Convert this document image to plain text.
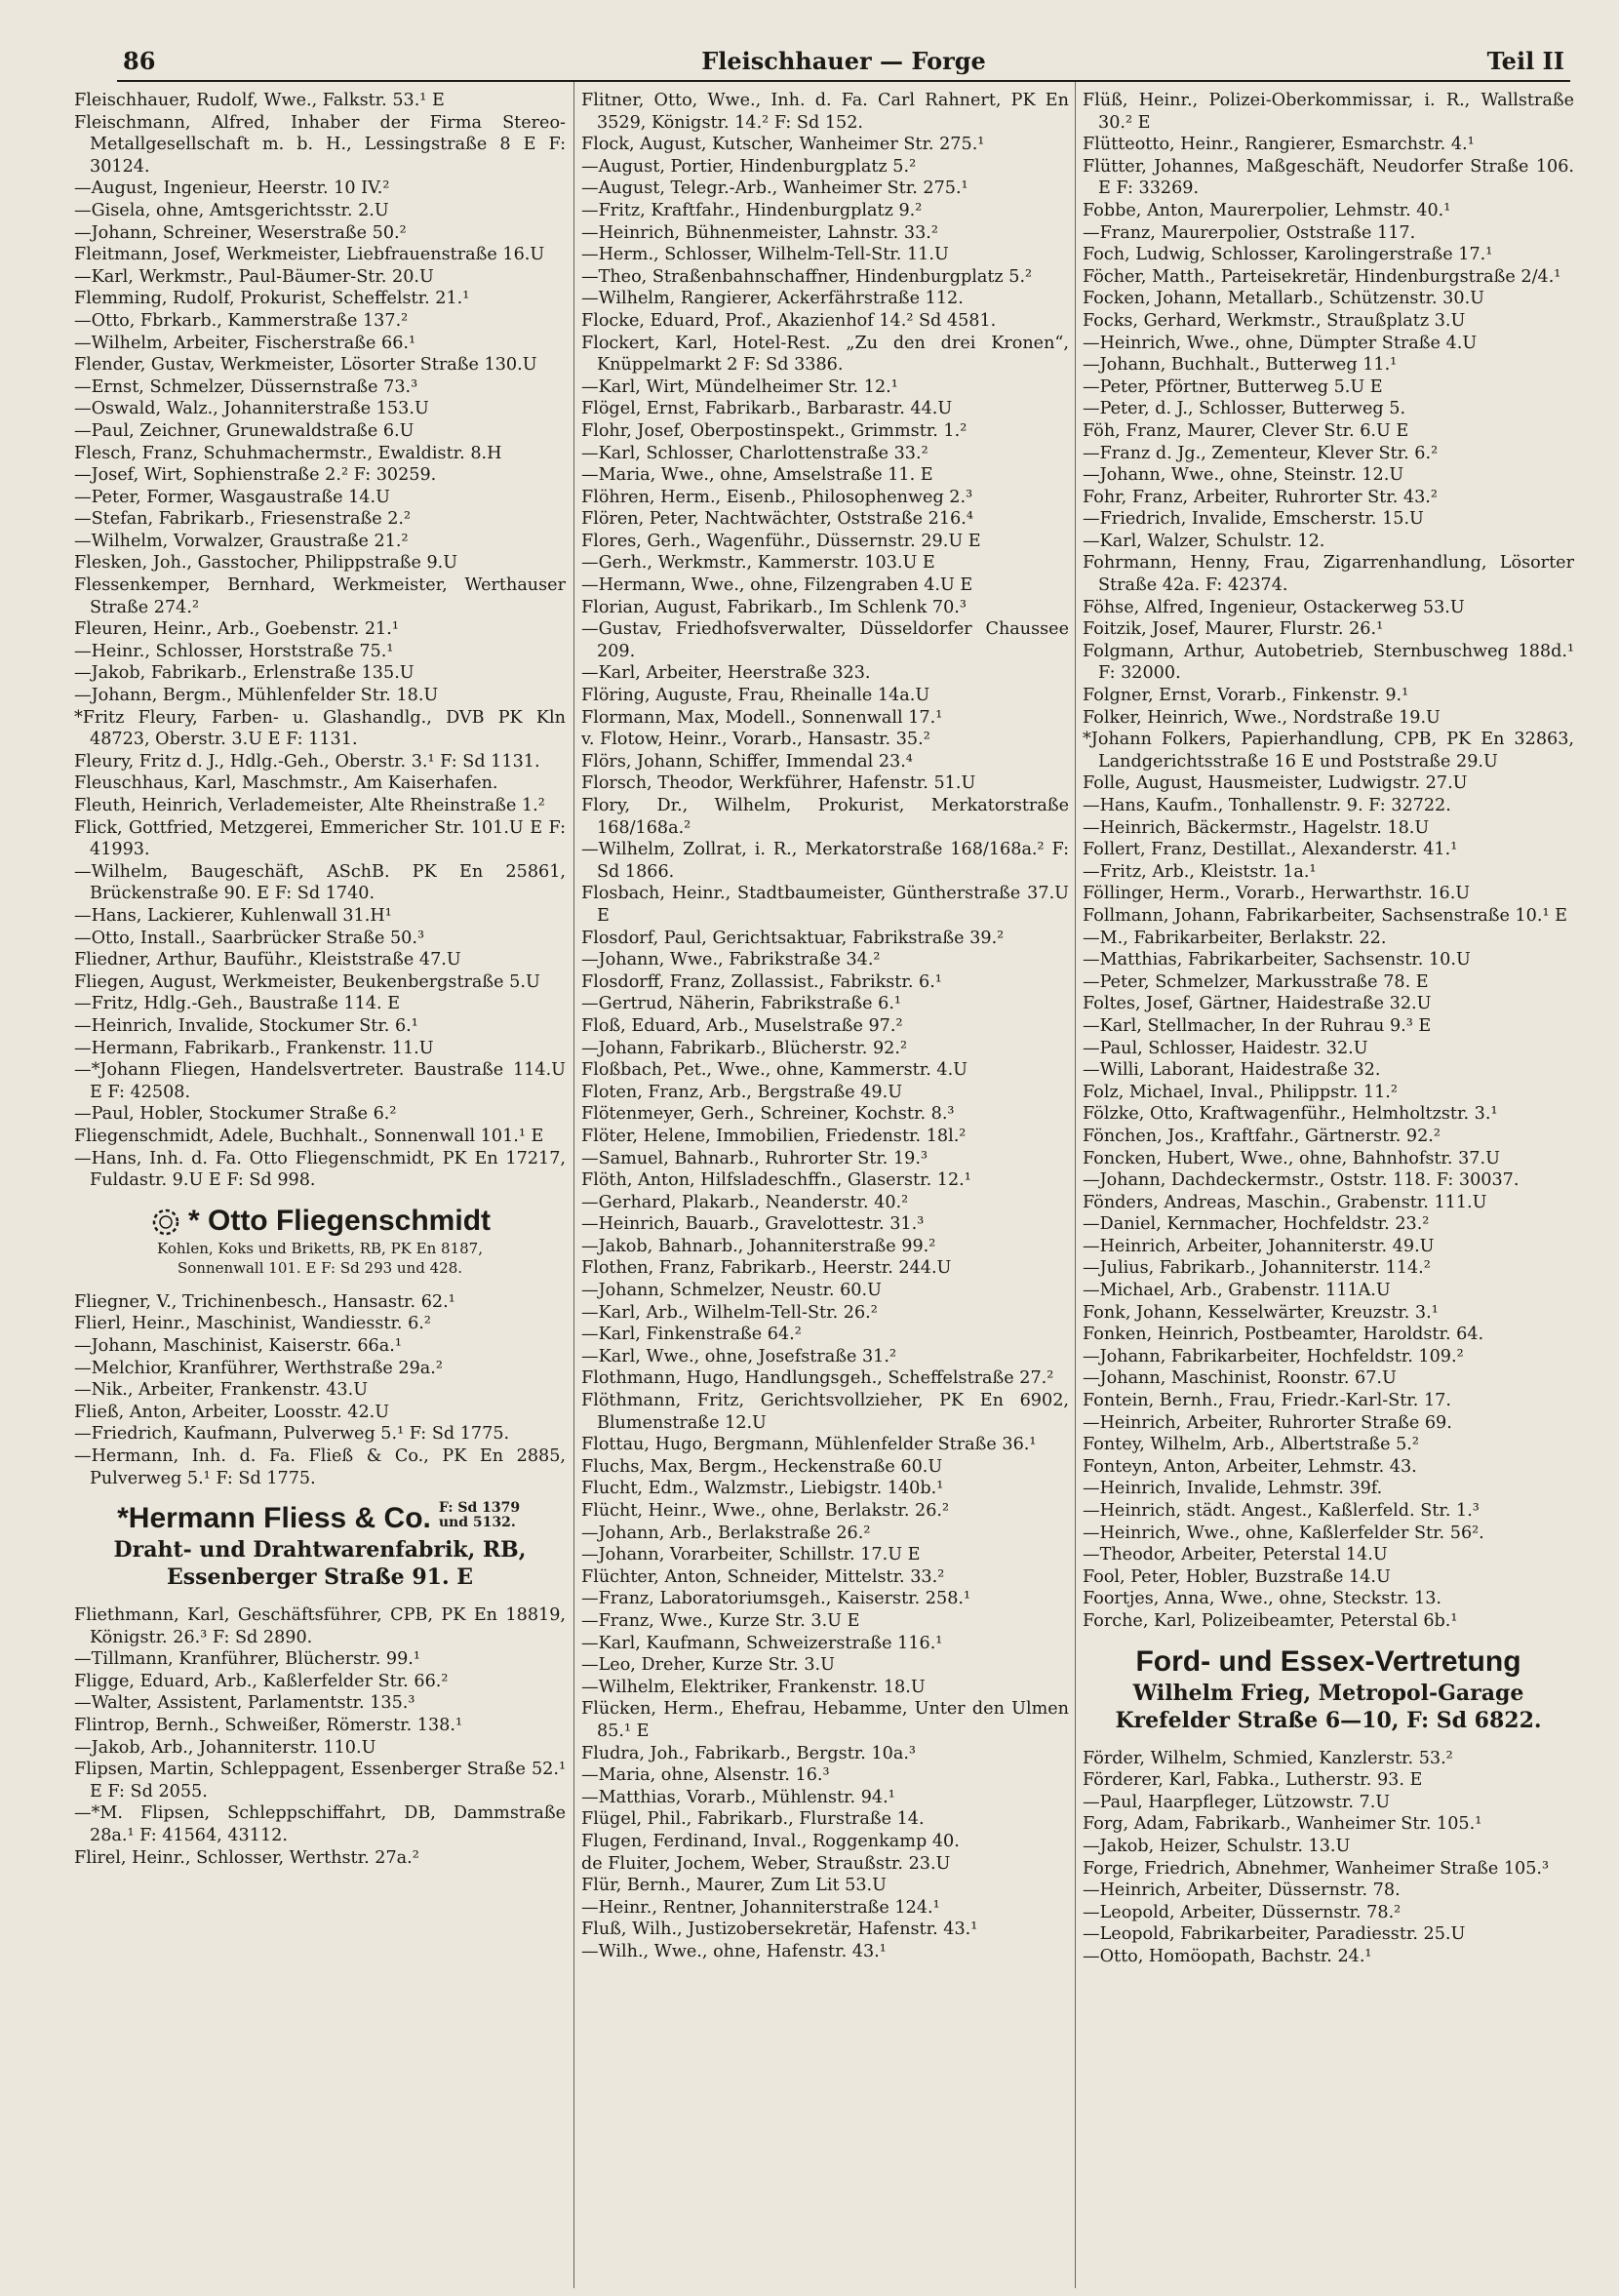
86	Fleischhauer — Forge	Teil II

Fleischhauer, Rudolf, Wwe., Falkstr. 53.¹ E

Fleischmann, Alfred, Inhaber der Firma Stereo-Metallgesellschaft m. b. H., Lessingstraße 8 E F: 30124.

—August, Ingenieur, Heerstr. 10 IV.²

—Gisela, ohne, Amtsgerichtsstr. 2.U

—Johann, Schreiner, Weserstraße 50.²

Fleitmann, Josef, Werkmeister, Liebfrauenstraße 16.U

—Karl, Werkmstr., Paul-Bäumer-Str. 20.U

Flemming, Rudolf, Prokurist, Scheffelstr. 21.¹

—Otto, Fbrkarb., Kammerstraße 137.²

—Wilhelm, Arbeiter, Fischerstraße 66.¹

Flender, Gustav, Werkmeister, Lösorter Straße 130.U

—Ernst, Schmelzer, Düssernstraße 73.³

—Oswald, Walz., Johanniterstraße 153.U

—Paul, Zeichner, Grunewaldstraße 6.U

Flesch, Franz, Schuhmachermstr., Ewaldistr. 8.H

—Josef, Wirt, Sophienstraße 2.² F: 30259.

—Peter, Former, Wasgaustraße 14.U

—Stefan, Fabrikarb., Friesenstraße 2.²

—Wilhelm, Vorwalzer, Graustraße 21.²

Flesken, Joh., Gasstocher, Philippstraße 9.U

Flessenkemper, Bernhard, Werkmeister, Werthauser Straße 274.²

Fleuren, Heinr., Arb., Goebenstr. 21.¹

—Heinr., Schlosser, Horststraße 75.¹

—Jakob, Fabrikarb., Erlenstraße 135.U

—Johann, Bergm., Mühlenfelder Str. 18.U

*Fritz Fleury, Farben- u. Glashandlg., DVB PK Kln 48723, Oberstr. 3.U E F: 1131.

Fleury, Fritz d. J., Hdlg.-Geh., Oberstr. 3.¹ F: Sd 1131.

Fleuschhaus, Karl, Maschmstr., Am Kaiserhafen.

Fleuth, Heinrich, Verlademeister, Alte Rheinstraße 1.²

Flick, Gottfried, Metzgerei, Emmericher Str. 101.U E F: 41993.

—Wilhelm, Baugeschäft, ASchB. PK En 25861, Brückenstraße 90. E F: Sd 1740.

—Hans, Lackierer, Kuhlenwall 31.H¹

—Otto, Install., Saarbrücker Straße 50.³

Fliedner, Arthur, Bauführ., Kleiststraße 47.U

Fliegen, August, Werkmeister, Beukenbergstraße 5.U

—Fritz, Hdlg.-Geh., Baustraße 114. E

—Heinrich, Invalide, Stockumer Str. 6.¹

—Hermann, Fabrikarb., Frankenstr. 11.U

—*Johann Fliegen, Handelsvertreter. Baustraße 114.U E F: 42508.

—Paul, Hobler, Stockumer Straße 6.²

Fliegenschmidt, Adele, Buchhalt., Sonnenwall 101.¹ E

—Hans, Inh. d. Fa. Otto Fliegenschmidt, PK En 17217, Fuldastr. 9.U E F: Sd 998.

* Otto Fliegenschmidt
Kohlen, Koks und Briketts, RB, PK En 8187,
Sonnenwall 101. E F: Sd 293 und 428.

Fliegner, V., Trichinenbesch., Hansastr. 62.¹

Flierl, Heinr., Maschinist, Wandiesstr. 6.²

—Johann, Maschinist, Kaiserstr. 66a.¹

—Melchior, Kranführer, Werthstraße 29a.²

—Nik., Arbeiter, Frankenstr. 43.U

Fließ, Anton, Arbeiter, Loosstr. 42.U

—Friedrich, Kaufmann, Pulverweg 5.¹ F: Sd 1775.

—Hermann, Inh. d. Fa. Fließ & Co., PK En 2885, Pulverweg 5.¹ F: Sd 1775.

*Hermann Fliess & Co. F: Sd 1379 und 5132.
Draht- und Drahtwarenfabrik, RB,
Essenberger Straße 91. E

Fliethmann, Karl, Geschäftsführer, CPB, PK En 18819, Königstr. 26.³ F: Sd 2890.

—Tillmann, Kranführer, Blücherstr. 99.¹

Fligge, Eduard, Arb., Kaßlerfelder Str. 66.²

—Walter, Assistent, Parlamentstr. 135.³

Flintrop, Bernh., Schweißer, Römerstr. 138.¹

—Jakob, Arb., Johanniterstr. 110.U

Flipsen, Martin, Schleppagent, Essenberger Straße 52.¹ E F: Sd 2055.

—*M. Flipsen, Schleppschiffahrt, DB, Dammstraße 28a.¹ F: 41564, 43112.

Flirel, Heinr., Schlosser, Werthstr. 27a.²

Flitner, Otto, Wwe., Inh. d. Fa. Carl Rahnert, PK En 3529, Königstr. 14.² F: Sd 152.

Flock, August, Kutscher, Wanheimer Str. 275.¹

—August, Portier, Hindenburgplatz 5.²

—August, Telegr.-Arb., Wanheimer Str. 275.¹

—Fritz, Kraftfahr., Hindenburgplatz 9.²

—Heinrich, Bühnenmeister, Lahnstr. 33.²

—Herm., Schlosser, Wilhelm-Tell-Str. 11.U

—Theo, Straßenbahnschaffner, Hindenburgplatz 5.²

—Wilhelm, Rangierer, Ackerfährstraße 112.

Flocke, Eduard, Prof., Akazienhof 14.² Sd 4581.

Flockert, Karl, Hotel-Rest. „Zu den drei Kronen“, Knüppelmarkt 2 F: Sd 3386.

—Karl, Wirt, Mündelheimer Str. 12.¹

Flögel, Ernst, Fabrikarb., Barbarastr. 44.U

Flohr, Josef, Oberpostinspekt., Grimmstr. 1.²

—Karl, Schlosser, Charlottenstraße 33.²

—Maria, Wwe., ohne, Amselstraße 11. E

Flöhren, Herm., Eisenb., Philosophenweg 2.³

Flören, Peter, Nachtwächter, Oststraße 216.⁴

Flores, Gerh., Wagenführ., Düssernstr. 29.U E

—Gerh., Werkmstr., Kammerstr. 103.U E

—Hermann, Wwe., ohne, Filzengraben 4.U E

Florian, August, Fabrikarb., Im Schlenk 70.³

—Gustav, Friedhofsverwalter, Düsseldorfer Chaussee 209.

—Karl, Arbeiter, Heerstraße 323.

Flöring, Auguste, Frau, Rheinalle 14a.U

Flormann, Max, Modell., Sonnenwall 17.¹

v. Flotow, Heinr., Vorarb., Hansastr. 35.²

Flörs, Johann, Schiffer, Immendal 23.⁴

Florsch, Theodor, Werkführer, Hafenstr. 51.U

Flory, Dr., Wilhelm, Prokurist, Merkatorstraße 168/168a.²

—Wilhelm, Zollrat, i. R., Merkatorstraße 168/168a.² F: Sd 1866.

Flosbach, Heinr., Stadtbaumeister, Güntherstraße 37.U E

Flosdorf, Paul, Gerichtsaktuar, Fabrikstraße 39.²

—Johann, Wwe., Fabrikstraße 34.²

Flosdorff, Franz, Zollassist., Fabrikstr. 6.¹

—Gertrud, Näherin, Fabrikstraße 6.¹

Floß, Eduard, Arb., Muselstraße 97.²

—Johann, Fabrikarb., Blücherstr. 92.²

Floßbach, Pet., Wwe., ohne, Kammerstr. 4.U

Floten, Franz, Arb., Bergstraße 49.U

Flötenmeyer, Gerh., Schreiner, Kochstr. 8.³

Flöter, Helene, Immobilien, Friedenstr. 18l.²

—Samuel, Bahnarb., Ruhrorter Str. 19.³

Flöth, Anton, Hilfsladeschffn., Glaserstr. 12.¹

—Gerhard, Plakarb., Neanderstr. 40.²

—Heinrich, Bauarb., Gravelottestr. 31.³

—Jakob, Bahnarb., Johanniterstraße 99.²

Flothen, Franz, Fabrikarb., Heerstr. 244.U

—Johann, Schmelzer, Neustr. 60.U

—Karl, Arb., Wilhelm-Tell-Str. 26.²

—Karl, Finkenstraße 64.²

—Karl, Wwe., ohne, Josefstraße 31.²

Flothmann, Hugo, Handlungsgeh., Scheffelstraße 27.²

Flöthmann, Fritz, Gerichtsvollzieher, PK En 6902, Blumenstraße 12.U

Flottau, Hugo, Bergmann, Mühlenfelder Straße 36.¹

Fluchs, Max, Bergm., Heckenstraße 60.U

Flucht, Edm., Walzmstr., Liebigstr. 140b.¹

Flücht, Heinr., Wwe., ohne, Berlakstr. 26.²

—Johann, Arb., Berlakstraße 26.²

—Johann, Vorarbeiter, Schillstr. 17.U E

Flüchter, Anton, Schneider, Mittelstr. 33.²

—Franz, Laboratoriumsgeh., Kaiserstr. 258.¹

—Franz, Wwe., Kurze Str. 3.U E

—Karl, Kaufmann, Schweizerstraße 116.¹

—Leo, Dreher, Kurze Str. 3.U

—Wilhelm, Elektriker, Frankenstr. 18.U

Flücken, Herm., Ehefrau, Hebamme, Unter den Ulmen 85.¹ E

Fludra, Joh., Fabrikarb., Bergstr. 10a.³

—Maria, ohne, Alsenstr. 16.³

—Matthias, Vorarb., Mühlenstr. 94.¹

Flügel, Phil., Fabrikarb., Flurstraße 14.

Flugen, Ferdinand, Inval., Roggenkamp 40.

de Fluiter, Jochem, Weber, Straußstr. 23.U

Flür, Bernh., Maurer, Zum Lit 53.U

—Heinr., Rentner, Johanniterstraße 124.¹

Fluß, Wilh., Justizobersekretär, Hafenstr. 43.¹

—Wilh., Wwe., ohne, Hafenstr. 43.¹

Flüß, Heinr., Polizei-Oberkommissar, i. R., Wallstraße 30.² E

Flütteotto, Heinr., Rangierer, Esmarchstr. 4.¹

Flütter, Johannes, Maßgeschäft, Neudorfer Straße 106. E F: 33269.

Fobbe, Anton, Maurerpolier, Lehmstr. 40.¹

—Franz, Maurerpolier, Oststraße 117.

Foch, Ludwig, Schlosser, Karolingerstraße 17.¹

Föcher, Matth., Parteisekretär, Hindenburgstraße 2/4.¹

Focken, Johann, Metallarb., Schützenstr. 30.U

Focks, Gerhard, Werkmstr., Straußplatz 3.U

—Heinrich, Wwe., ohne, Dümpter Straße 4.U

—Johann, Buchhalt., Butterweg 11.¹

—Peter, Pförtner, Butterweg 5.U E

—Peter, d. J., Schlosser, Butterweg 5.

Föh, Franz, Maurer, Clever Str. 6.U E

—Franz d. Jg., Zementeur, Klever Str. 6.²

—Johann, Wwe., ohne, Steinstr. 12.U

Fohr, Franz, Arbeiter, Ruhrorter Str. 43.²

—Friedrich, Invalide, Emscherstr. 15.U

—Karl, Walzer, Schulstr. 12.

Fohrmann, Henny, Frau, Zigarrenhandlung, Lösorter Straße 42a. F: 42374.

Föhse, Alfred, Ingenieur, Ostackerweg 53.U

Foitzik, Josef, Maurer, Flurstr. 26.¹

Folgmann, Arthur, Autobetrieb, Sternbuschweg 188d.¹ F: 32000.

Folgner, Ernst, Vorarb., Finkenstr. 9.¹

Folker, Heinrich, Wwe., Nordstraße 19.U

*Johann Folkers, Papierhandlung, CPB, PK En 32863, Landgerichtsstraße 16 E und Poststraße 29.U

Folle, August, Hausmeister, Ludwigstr. 27.U

—Hans, Kaufm., Tonhallenstr. 9. F: 32722.

—Heinrich, Bäckermstr., Hagelstr. 18.U

Follert, Franz, Destillat., Alexanderstr. 41.¹

—Fritz, Arb., Kleiststr. 1a.¹

Föllinger, Herm., Vorarb., Herwarthstr. 16.U

Follmann, Johann, Fabrikarbeiter, Sachsenstraße 10.¹ E

—M., Fabrikarbeiter, Berlakstr. 22.

—Matthias, Fabrikarbeiter, Sachsenstr. 10.U

—Peter, Schmelzer, Markusstraße 78. E

Foltes, Josef, Gärtner, Haidestraße 32.U

—Karl, Stellmacher, In der Ruhrau 9.³ E

—Paul, Schlosser, Haidestr. 32.U

—Willi, Laborant, Haidestraße 32.

Folz, Michael, Inval., Philippstr. 11.²

Fölzke, Otto, Kraftwagenführ., Helmholtzstr. 3.¹

Fönchen, Jos., Kraftfahr., Gärtnerstr. 92.²

Foncken, Hubert, Wwe., ohne, Bahnhofstr. 37.U

—Johann, Dachdeckermstr., Oststr. 118. F: 30037.

Fönders, Andreas, Maschin., Grabenstr. 111.U

—Daniel, Kernmacher, Hochfeldstr. 23.²

—Heinrich, Arbeiter, Johanniterstr. 49.U

—Julius, Fabrikarb., Johanniterstr. 114.²

—Michael, Arb., Grabenstr. 111A.U

Fonk, Johann, Kesselwärter, Kreuzstr. 3.¹

Fonken, Heinrich, Postbeamter, Haroldstr. 64.

—Johann, Fabrikarbeiter, Hochfeldstr. 109.²

—Johann, Maschinist, Roonstr. 67.U

Fontein, Bernh., Frau, Friedr.-Karl-Str. 17.

—Heinrich, Arbeiter, Ruhrorter Straße 69.

Fontey, Wilhelm, Arb., Albertstraße 5.²

Fonteyn, Anton, Arbeiter, Lehmstr. 43.

—Heinrich, Invalide, Lehmstr. 39f.

—Heinrich, städt. Angest., Kaßlerfeld. Str. 1.³

—Heinrich, Wwe., ohne, Kaßlerfelder Str. 56².

—Theodor, Arbeiter, Peterstal 14.U

Fool, Peter, Hobler, Buzstraße 14.U

Foortjes, Anna, Wwe., ohne, Steckstr. 13.

Forche, Karl, Polizeibeamter, Peterstal 6b.¹

Ford- und Essex-Vertretung
Wilhelm Frieg, Metropol-Garage
Krefelder Straße 6—10, F: Sd 6822.

Förder, Wilhelm, Schmied, Kanzlerstr. 53.²

Förderer, Karl, Fabka., Lutherstr. 93. E

—Paul, Haarpfleger, Lützowstr. 7.U

Forg, Adam, Fabrikarb., Wanheimer Str. 105.¹

—Jakob, Heizer, Schulstr. 13.U

Forge, Friedrich, Abnehmer, Wanheimer Straße 105.³

—Heinrich, Arbeiter, Düssernstr. 78.

—Leopold, Arbeiter, Düssernstr. 78.²

—Leopold, Fabrikarbeiter, Paradiesstr. 25.U

—Otto, Homöopath, Bachstr. 24.¹
